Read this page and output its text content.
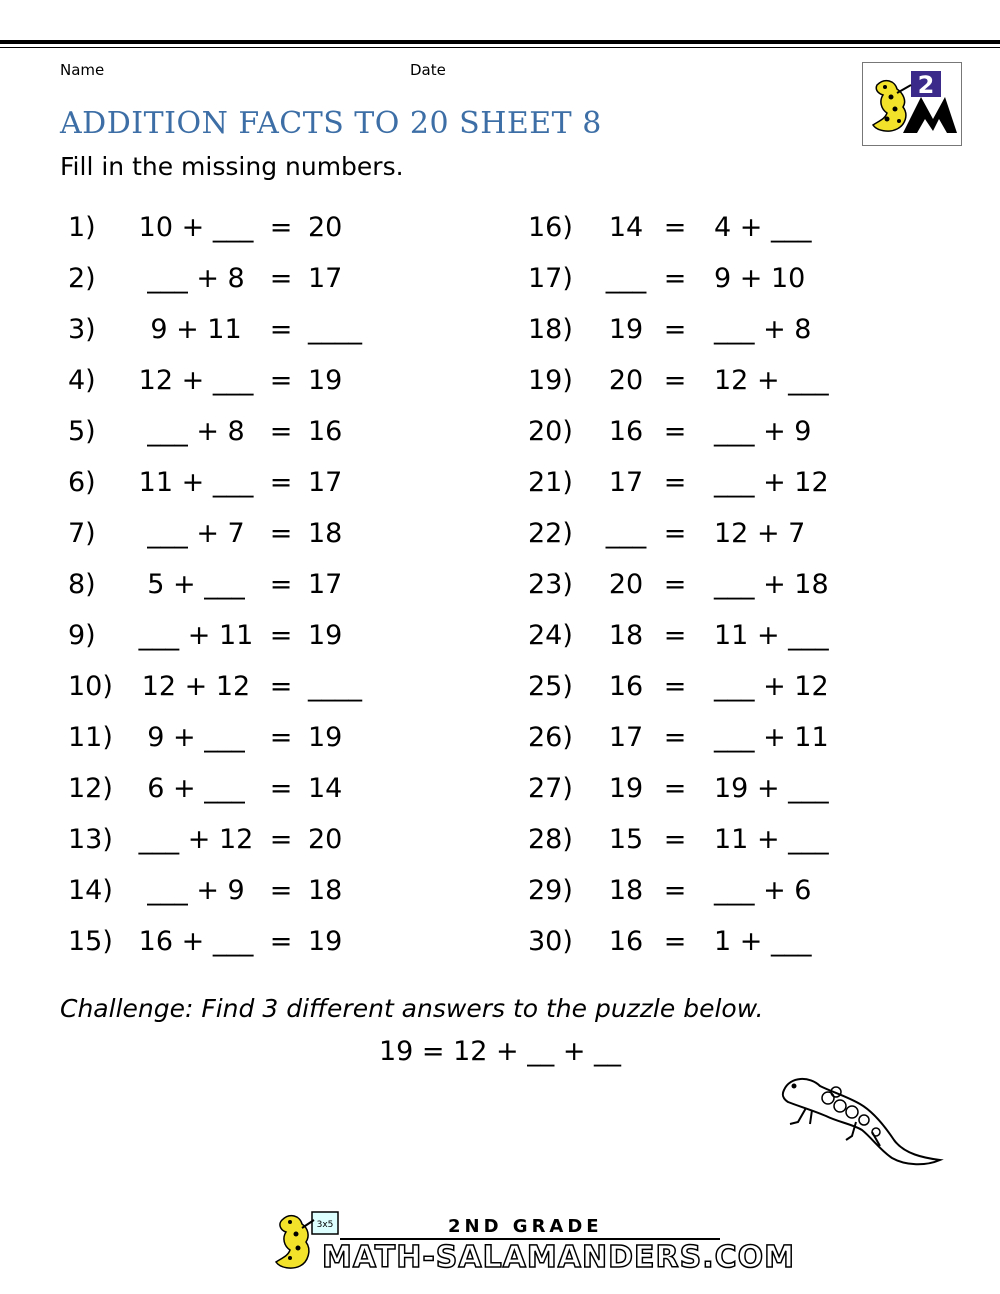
Name	Date
ADDITION FACTS TO 20 SHEET 8
Fill in the missing numbers.
2
1) 10 + ___ = 20
2)	___ + 8 = 17
3)	9 + 11	= ____
4) 12 + ___ = 19
5)	___ + 8 = 16
6) 11 + ___ = 17
7)	___ + 7 = 18
8)	5 + ___ = 17
9) ___ + 11 = 19
10) 12 + 12 = ____
11)	9 + ___ = 19
12)	6 + ___ = 14
13) ___ + 12 = 20
14)	___ + 9 = 18
15) 16 + ___ = 19
16)	14 = 4 + ___
17)	___ = 9 + 10
18)	19 = ___ + 8
19)	20 = 12 + ___
20)	16 = ___ + 9
21)	17 = ___ + 12
22)	___ = 12 + 7
23)	20 = ___ + 18
24)	18 = 11 + ___
25)	16 = ___ + 12
26)	17 = ___ + 11
27)	19 = 19 + ___
28)	15 = 11 + ___
29)	18 = ___ + 6
30)	16 = 1 + ___
Challenge: Find 3 different answers to the puzzle below.
19 = 12 + __ + __
3x5	2ND GRADE
MATH-SALAMANDERS.COM
